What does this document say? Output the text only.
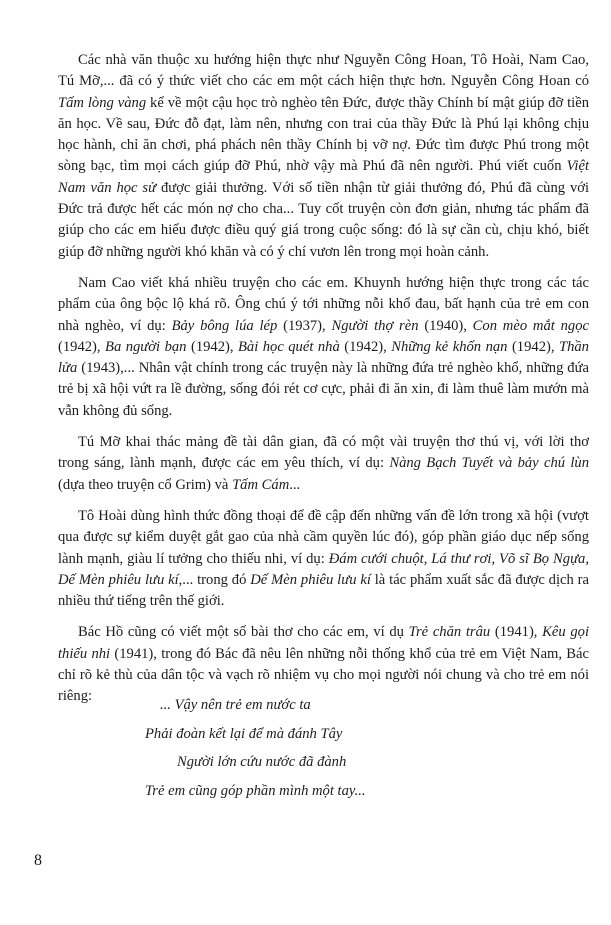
Các nhà văn thuộc xu hướng hiện thực như Nguyễn Công Hoan, Tô Hoài, Nam Cao, Tú Mỡ,... đã có ý thức viết cho các em một cách hiện thực hơn. Nguyễn Công Hoan có Tấm lòng vàng kể về một cậu học trò nghèo tên Đức, được thầy Chính bí mật giúp đỡ tiền ăn học. Về sau, Đức đỗ đạt, làm nên, nhưng con trai của thầy Đức là Phú lại không chịu học hành, chỉ ăn chơi, phá phách nên thầy Chính bị vỡ nợ. Đức tìm được Phú trong một sòng bạc, tìm mọi cách giúp đỡ Phú, nhờ vậy mà Phú đã nên người. Phú viết cuốn Việt Nam văn học sử được giải thưởng. Với số tiền nhận từ giải thưởng đó, Phú đã cùng với Đức trả được hết các món nợ cho cha... Tuy cốt truyện còn đơn giản, nhưng tác phẩm đã giúp cho các em hiểu được điều quý giá trong cuộc sống: đó là sự cần cù, chịu khó, biết giúp đỡ những người khó khăn và có ý chí vươn lên trong mọi hoàn cảnh.

Nam Cao viết khá nhiều truyện cho các em. Khuynh hướng hiện thực trong các tác phẩm của ông bộc lộ khá rõ. Ông chú ý tới những nỗi khổ đau, bất hạnh của trẻ em con nhà nghèo, ví dụ: Bảy bông lúa lép (1937), Người thợ rèn (1940), Con mèo mắt ngọc (1942), Ba người bạn (1942), Bài học quét nhà (1942), Những kẻ khốn nạn (1942), Thần lửa (1943),... Nhân vật chính trong các truyện này là những đứa trẻ nghèo khổ, những đứa trẻ bị xã hội vứt ra lề đường, sống đói rét cơ cực, phải đi ăn xin, đi làm thuê làm mướn mà vẫn không đủ sống.

Tú Mỡ khai thác mảng đề tài dân gian, đã có một vài truyện thơ thú vị, với lời thơ trong sáng, lành mạnh, được các em yêu thích, ví dụ: Nàng Bạch Tuyết và bảy chú lùn (dựa theo truyện cổ Grim) và Tấm Cám...

Tô Hoài dùng hình thức đồng thoại để đề cập đến những vấn đề lớn trong xã hội (vượt qua được sự kiểm duyệt gắt gao của nhà cầm quyền lúc đó), góp phần giáo dục nếp sống lành mạnh, giàu lí tưởng cho thiếu nhi, ví dụ: Đám cưới chuột, Lá thư rơi, Võ sĩ Bọ Ngựa, Dế Mèn phiêu lưu kí,... trong đó Dế Mèn phiêu lưu kí là tác phẩm xuất sắc đã được dịch ra nhiều thứ tiếng trên thế giới.

Bác Hồ cũng có viết một số bài thơ cho các em, ví dụ Trẻ chăn trâu (1941), Kêu gọi thiếu nhi (1941), trong đó Bác đã nêu lên những nỗi thống khổ của trẻ em Việt Nam, Bác chỉ rõ kẻ thù của dân tộc và vạch rõ nhiệm vụ cho mọi người nói chung và cho trẻ em nói riêng:

... Vậy nên trẻ em nước ta
Phải đoàn kết lại để mà đánh Tây
Người lớn cứu nước đã đành
Trẻ em cũng góp phần mình một tay...
8
